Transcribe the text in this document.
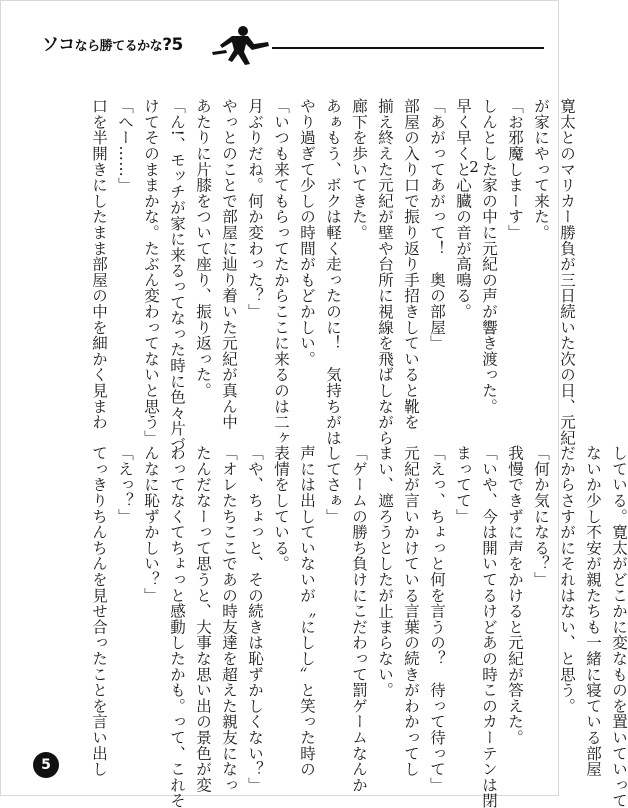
ソコなら勝てるかな?5
2	寛太とのマリカー勝負が三日続いた次の日、元紀
が家にやって来た。
「お邪魔しまーす」
しんとした家の中に元紀の声が響き渡った。
早く早くと心臓の音が高鳴る。
「あがってあがって！　奥の部屋」
部屋の入り口で振り返り手招きしていると靴を
揃え終えた元紀が壁や台所に視線を飛ばしながら
廊下を歩いてきた。
あぁもう、ボクは軽く走ったのに！　気持ちがは
やり過ぎて少しの時間がもどかしい。
「いつも来てもらってたからここに来るのは二ヶ
月ぶりだね。何か変わった？」
やっとのことで部屋に辿り着いた元紀が真ん中
あたりに片膝をついて座り、振り返った。
「ん!、モッチが家に来るってなった時に色々片づ
けてそのままかな。たぶん変わってないと思う」
「へー……」
口を半開きにしたまま部屋の中を細かく見まわ
している。寛太がどこかに変なものを置いていって
ないか少し不安が親たちも一緒に寝ている部屋
だからさすがにそれはない、と思う。
「何か気になる？」
我慢できずに声をかけると元紀が答えた。
「いや、今は開いてるけどあの時このカーテンは閉
まってて」
「えっ、ちょっと何を言うの？　待って待って」
元紀が言いかけている言葉の続きがわかってし
まい、遮ろうとしたが止まらない。
「ゲームの勝ち負けにこだわって罰ゲームなんか
してさぁ」
声には出していないが〝にしし〟と笑った時の
表情をしている。
「や、ちょっと、その続きは恥ずかしくない？」
「オレたちここであの時友達を超えた親友になっ
たんだなーって思うと、大事な思い出の景色が変
わってなくてちょっと感動したかも。って、これそ
んなに恥ずかしい？」
「えっ？」
てっきりちんちんを見せ合ったことを言い出し
5
